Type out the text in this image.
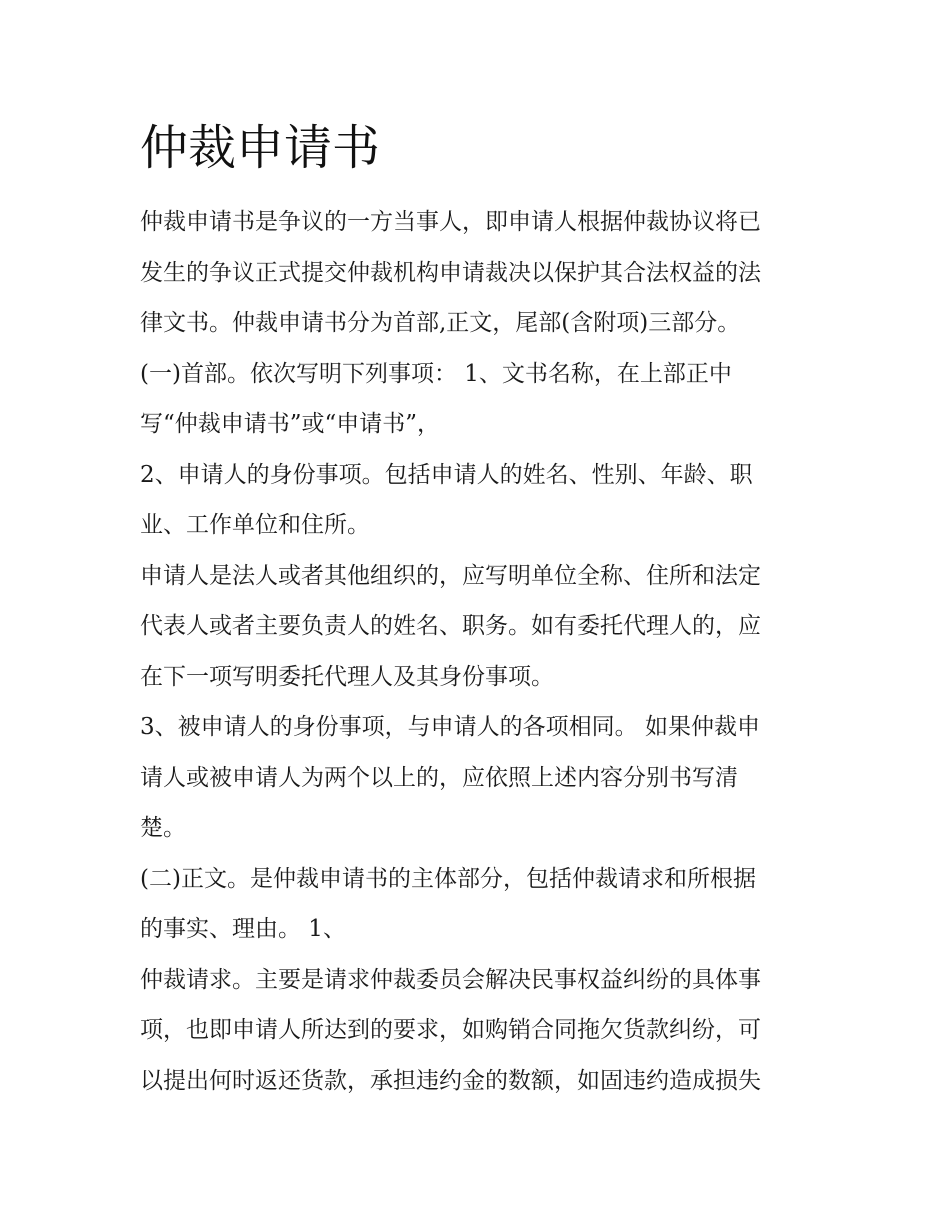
仲裁申请书
仲裁申请书是争议的一方当事人，即申请人根据仲裁协议将已
发生的争议正式提交仲裁机构申请裁决以保护其合法权益的法
律文书。仲裁申请书分为首部,正文，尾部(含附项)三部分。
(一)首部。依次写明下列事项： 1、文书名称，在上部正中
写“仲裁申请书”或“申请书”，
2、申请人的身份事项。包括申请人的姓名、性别、年龄、职
业、工作单位和住所。
申请人是法人或者其他组织的，应写明单位全称、住所和法定
代表人或者主要负责人的姓名、职务。如有委托代理人的，应
在下一项写明委托代理人及其身份事项。
3、被申请人的身份事项，与申请人的各项相同。 如果仲裁申
请人或被申请人为两个以上的，应依照上述内容分别书写清
楚。
(二)正文。是仲裁申请书的主体部分，包括仲裁请求和所根据
的事实、理由。 1、
仲裁请求。主要是请求仲裁委员会解决民事权益纠纷的具体事
项，也即申请人所达到的要求，如购销合同拖欠货款纠纷，可
以提出何时返还货款，承担违约金的数额，如固违约造成损失
